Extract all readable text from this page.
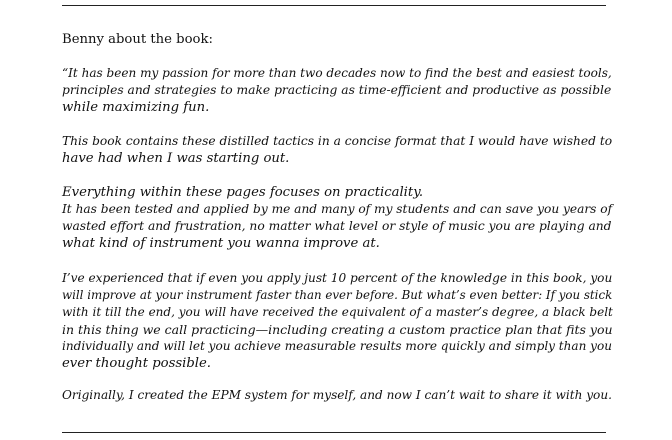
Benny about the book:

“It has been my passion for more than two decades now to find the best and easiest tools,

principles and strategies to make practicing as time-efficient and productive as possible

while maximizing fun.

This book contains these distilled tactics in a concise format that I would have wished to

have had when I was starting out.

Everything within these pages focuses on practicality.

It has been tested and applied by me and many of my students and can save you years of

wasted effort and frustration, no matter what level or style of music you are playing and

what kind of instrument you wanna improve at.

I’ve experienced that if even you apply just 10 percent of the knowledge in this book, you

will improve at your instrument faster than ever before. But what’s even better: If you stick

with it till the end, you will have received the equivalent of a master’s degree, a black belt

in this thing we call practicing—including creating a custom practice plan that fits you

individually and will let you achieve measurable results more quickly and simply than you

ever thought possible.

Originally, I created the EPM system for myself, and now I can’t wait to share it with you.
